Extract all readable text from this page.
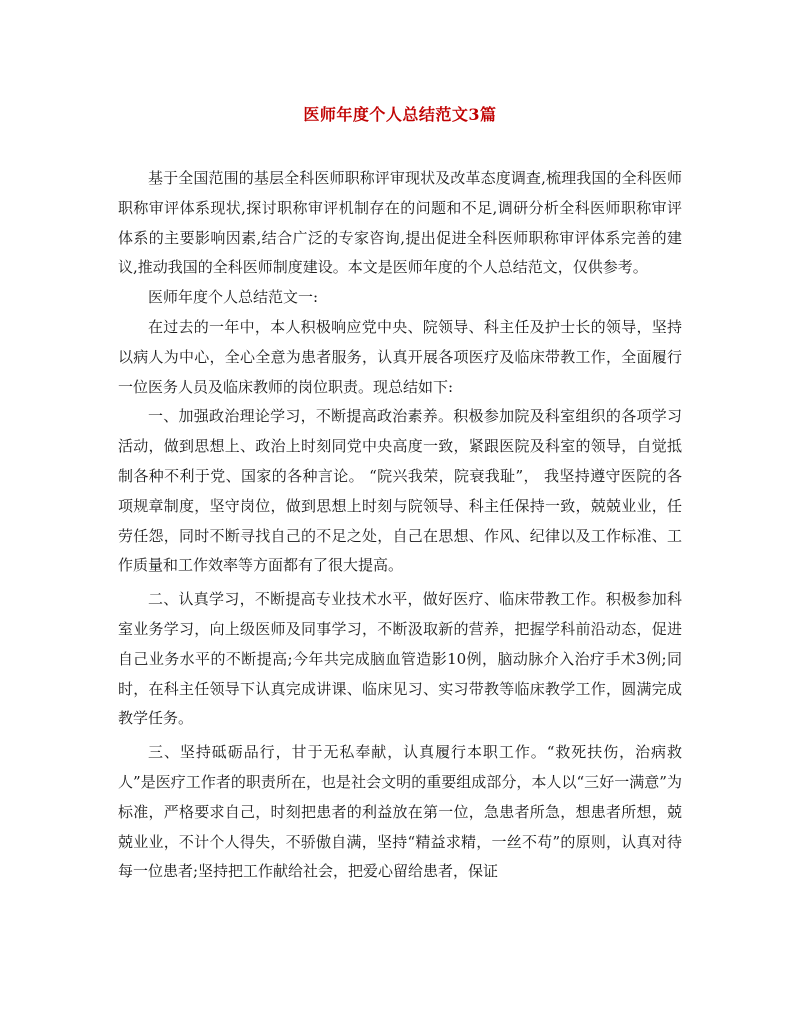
医师年度个人总结范文3篇

基于全国范围的基层全科医师职称评审现状及改革态度调查,梳理我国的全科医师职称审评体系现状,探讨职称审评机制存在的问题和不足,调研分析全科医师职称审评体系的主要影响因素,结合广泛的专家咨询,提出促进全科医师职称审评体系完善的建议,推动我国的全科医师制度建设。本文是医师年度的个人总结范文，仅供参考。

医师年度个人总结范文一:

在过去的一年中，本人积极响应党中央、院领导、科主任及护士长的领导，坚持以病人为中心，全心全意为患者服务，认真开展各项医疗及临床带教工作，全面履行一位医务人员及临床教师的岗位职责。现总结如下:

一、加强政治理论学习，不断提高政治素养。积极参加院及科室组织的各项学习活动，做到思想上、政治上时刻同党中央高度一致，紧跟医院及科室的领导，自觉抵制各种不利于党、国家的各种言论。 “院兴我荣，院衰我耻”， 我坚持遵守医院的各项规章制度，坚守岗位，做到思想上时刻与院领导、科主任保持一致，兢兢业业，任劳任怨，同时不断寻找自己的不足之处，自己在思想、作风、纪律以及工作标准、工作质量和工作效率等方面都有了很大提高。

二、认真学习，不断提高专业技术水平，做好医疗、临床带教工作。积极参加科室业务学习，向上级医师及同事学习，不断汲取新的营养，把握学科前沿动态，促进自己业务水平的不断提高;今年共完成脑血管造影10例，脑动脉介入治疗手术3例;同时，在科主任领导下认真完成讲课、临床见习、实习带教等临床教学工作，圆满完成教学任务。

三、坚持砥砺品行，甘于无私奉献，认真履行本职工作。“救死扶伤，治病救人”是医疗工作者的职责所在，也是社会文明的重要组成部分，本人以“三好一满意”为标准，严格要求自己，时刻把患者的利益放在第一位，急患者所急，想患者所想，兢兢业业，不计个人得失，不骄傲自满，坚持“精益求精，一丝不苟”的原则，认真对待每一位患者;坚持把工作献给社会，把爱心留给患者，保证
